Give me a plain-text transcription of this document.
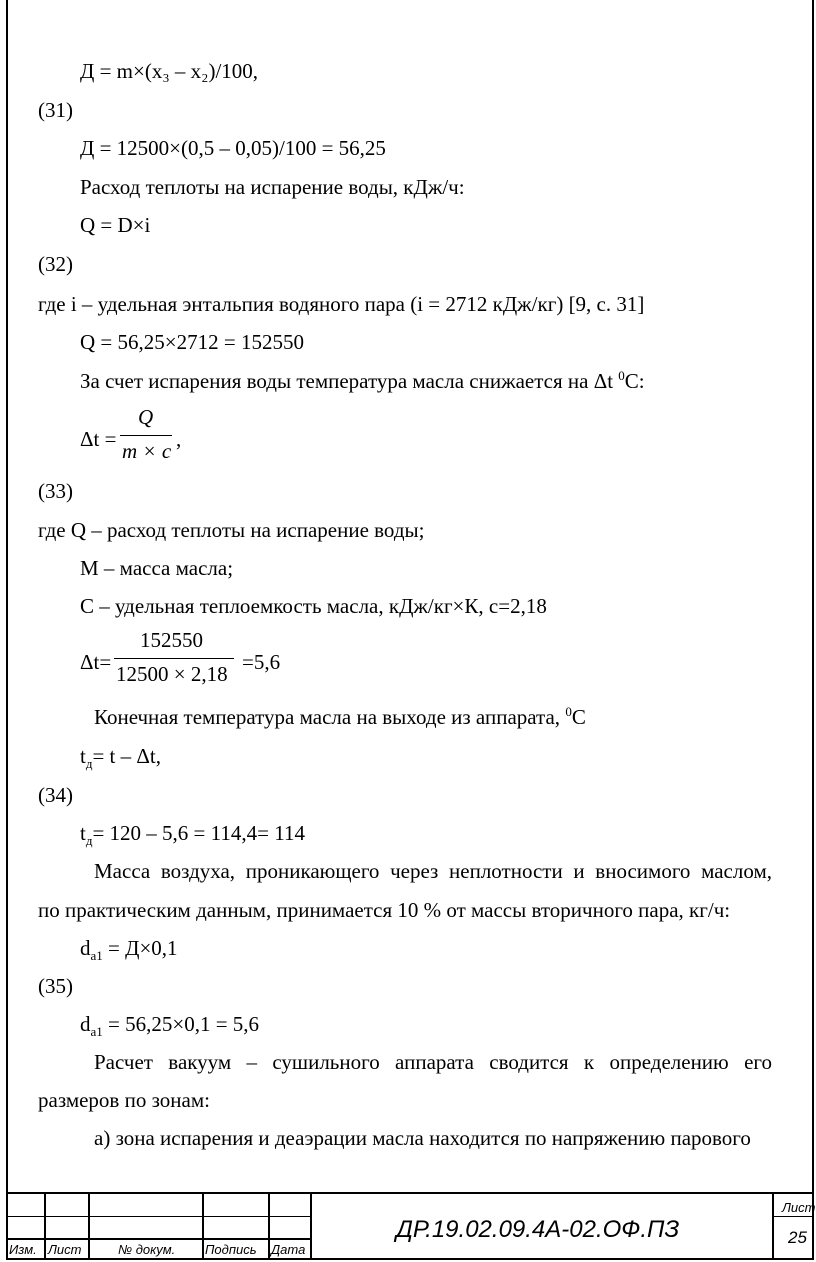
Д = m×(x₃ – x₂)/100,
(31)
Д = 12500×(0,5 – 0,05)/100 = 56,25
Расход теплоты на испарение воды, кДж/ч:
Q = D×i
(32)
где i – удельная энтальпия водяного пара (i = 2712 кДж/кг) [9, с. 31]
Q = 56,25×2712 = 152550
За счет испарения воды температура масла снижается на Δt $^0$С:
Δt =
Q
m × c ,
(33)
где Q – расход теплоты на испарение воды;
М – масса масла;
С – удельная теплоемкость масла, кДж/кг×К, с=2,18
Δt=
152550
12500 × 2,18 =5,6
Конечная температура масла на выходе из аппарата, $^0$С
$t_д= t - \Delta t$,
(34)
$t_д= 120 - 5,6 = 114,4= 114$
Масса воздуха, проникающего через неплотности и вносимого маслом,
по практическим данным, принимается 10 % от массы вторичного пара, кг/ч:
$d_{a1} = Д\times 0,1$
(35)
$d_{a1} = 56,25\times 0,1 = 5,6$
Расчет вакуум – сушильного аппарата сводится к определению его
размеров по зонам:
а) зона испарения и деаэрации масла находится по напряжению парового
Изм. Лист	№ докум. Подпись Дата
ДР.19.02.09.4А-02.ОФ.ПЗ
Лист
25
